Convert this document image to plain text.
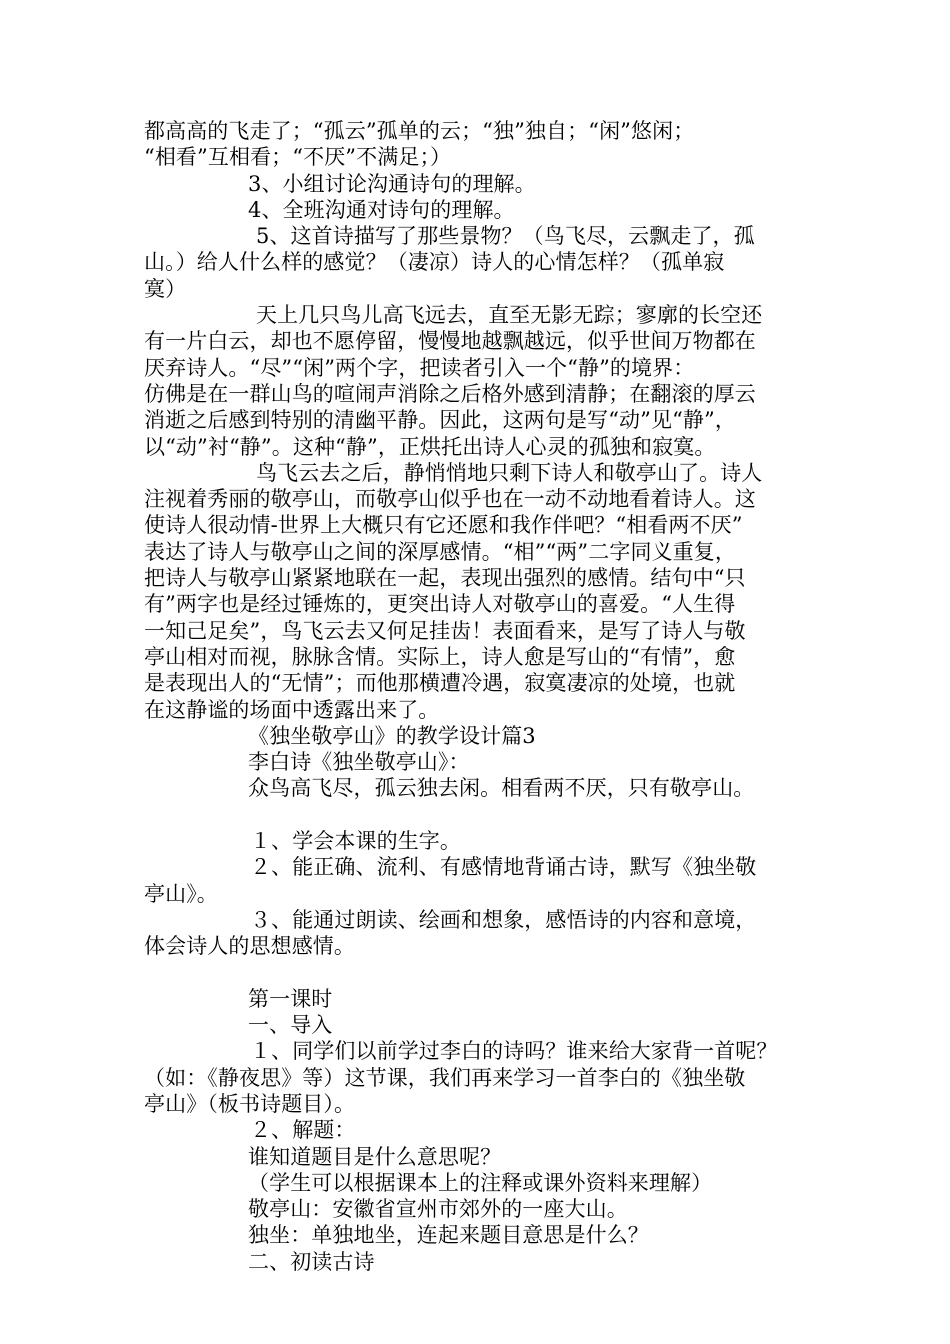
都高高的飞走了；“孤云”孤单的云；“独”独自；“闲”悠闲；
“相看”互相看；“不厌”不满足；）
3、小组讨论沟通诗句的理解。
4、全班沟通对诗句的理解。
5、这首诗描写了那些景物？（鸟飞尽，云飘走了，孤
山。）给人什么样的感觉？（凄凉）诗人的心情怎样？（孤单寂
寞）
天上几只鸟儿高飞远去，直至无影无踪；寥廓的长空还
有一片白云，却也不愿停留，慢慢地越飘越远，似乎世间万物都在
厌弃诗人。“尽”“闲”两个字，把读者引入一个“静”的境界：
仿佛是在一群山鸟的喧闹声消除之后格外感到清静；在翻滚的厚云
消逝之后感到特别的清幽平静。因此，这两句是写“动”见“静”，
以“动”衬“静”。这种“静”，正烘托出诗人心灵的孤独和寂寞。
鸟飞云去之后，静悄悄地只剩下诗人和敬亭山了。诗人
注视着秀丽的敬亭山，而敬亭山似乎也在一动不动地看着诗人。这
使诗人很动情-世界上大概只有它还愿和我作伴吧？“相看两不厌”
表达了诗人与敬亭山之间的深厚感情。“相”“两”二字同义重复，
把诗人与敬亭山紧紧地联在一起，表现出强烈的感情。结句中“只
有”两字也是经过锤炼的，更突出诗人对敬亭山的喜爱。“人生得
一知己足矣”，鸟飞云去又何足挂齿！表面看来，是写了诗人与敬
亭山相对而视，脉脉含情。实际上，诗人愈是写山的“有情”，愈
是表现出人的“无情”；而他那横遭冷遇，寂寞凄凉的处境，也就
在这静谧的场面中透露出来了。
《独坐敬亭山》的教学设计篇3
李白诗《独坐敬亭山》：
众鸟高飞尽，孤云独去闲。相看两不厌，只有敬亭山。
１、学会本课的生字。
２、能正确、流利、有感情地背诵古诗，默写《独坐敬
亭山》。
３、能通过朗读、绘画和想象，感悟诗的内容和意境，
体会诗人的思想感情。
第一课时
一、导入
１、同学们以前学过李白的诗吗？谁来给大家背一首呢？
（如：《静夜思》等）这节课，我们再来学习一首李白的《独坐敬
亭山》（板书诗题目）。
２、解题：
谁知道题目是什么意思呢？
（学生可以根据课本上的注释或课外资料来理解）
敬亭山：安徽省宣州市郊外的一座大山。
独坐：单独地坐，连起来题目意思是什么？
二、初读古诗
